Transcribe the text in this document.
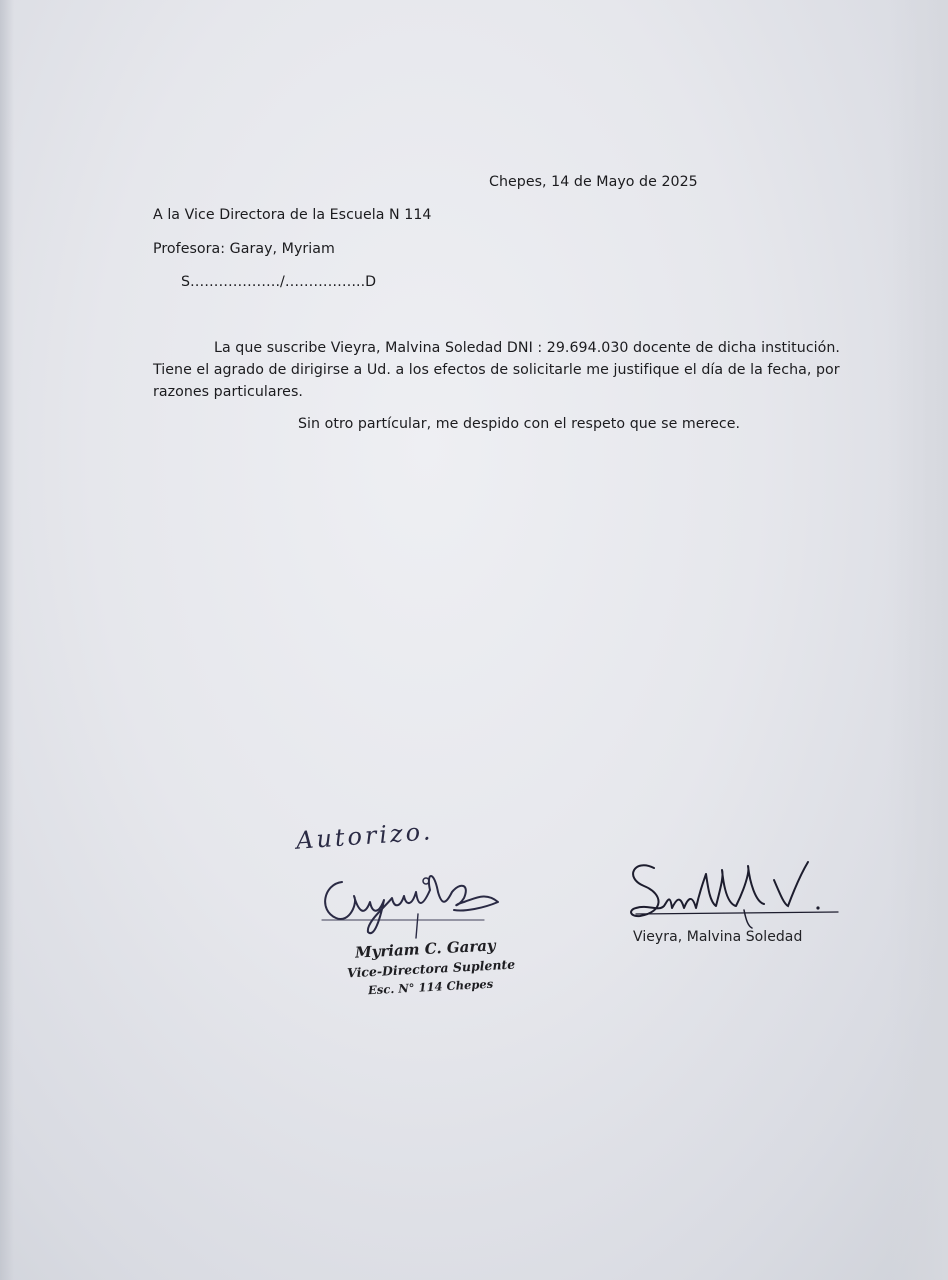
Chepes, 14 de Mayo de 2025
A la Vice Directora de la Escuela N 114
Profesora: Garay, Myriam
S………………./……………..D
La que suscribe Vieyra, Malvina Soledad DNI : 29.694.030 docente de dicha institución.
Tiene el agrado de dirigirse a Ud. a los efectos de solicitarle me justifique el día de la fecha, por
razones particulares.
Sin otro partícular, me despido con el respeto que se merece.
Autorizo.
Myriam C. Garay
Vice-Directora Suplente
Esc. N° 114 Chepes
Vieyra, Malvina Soledad
